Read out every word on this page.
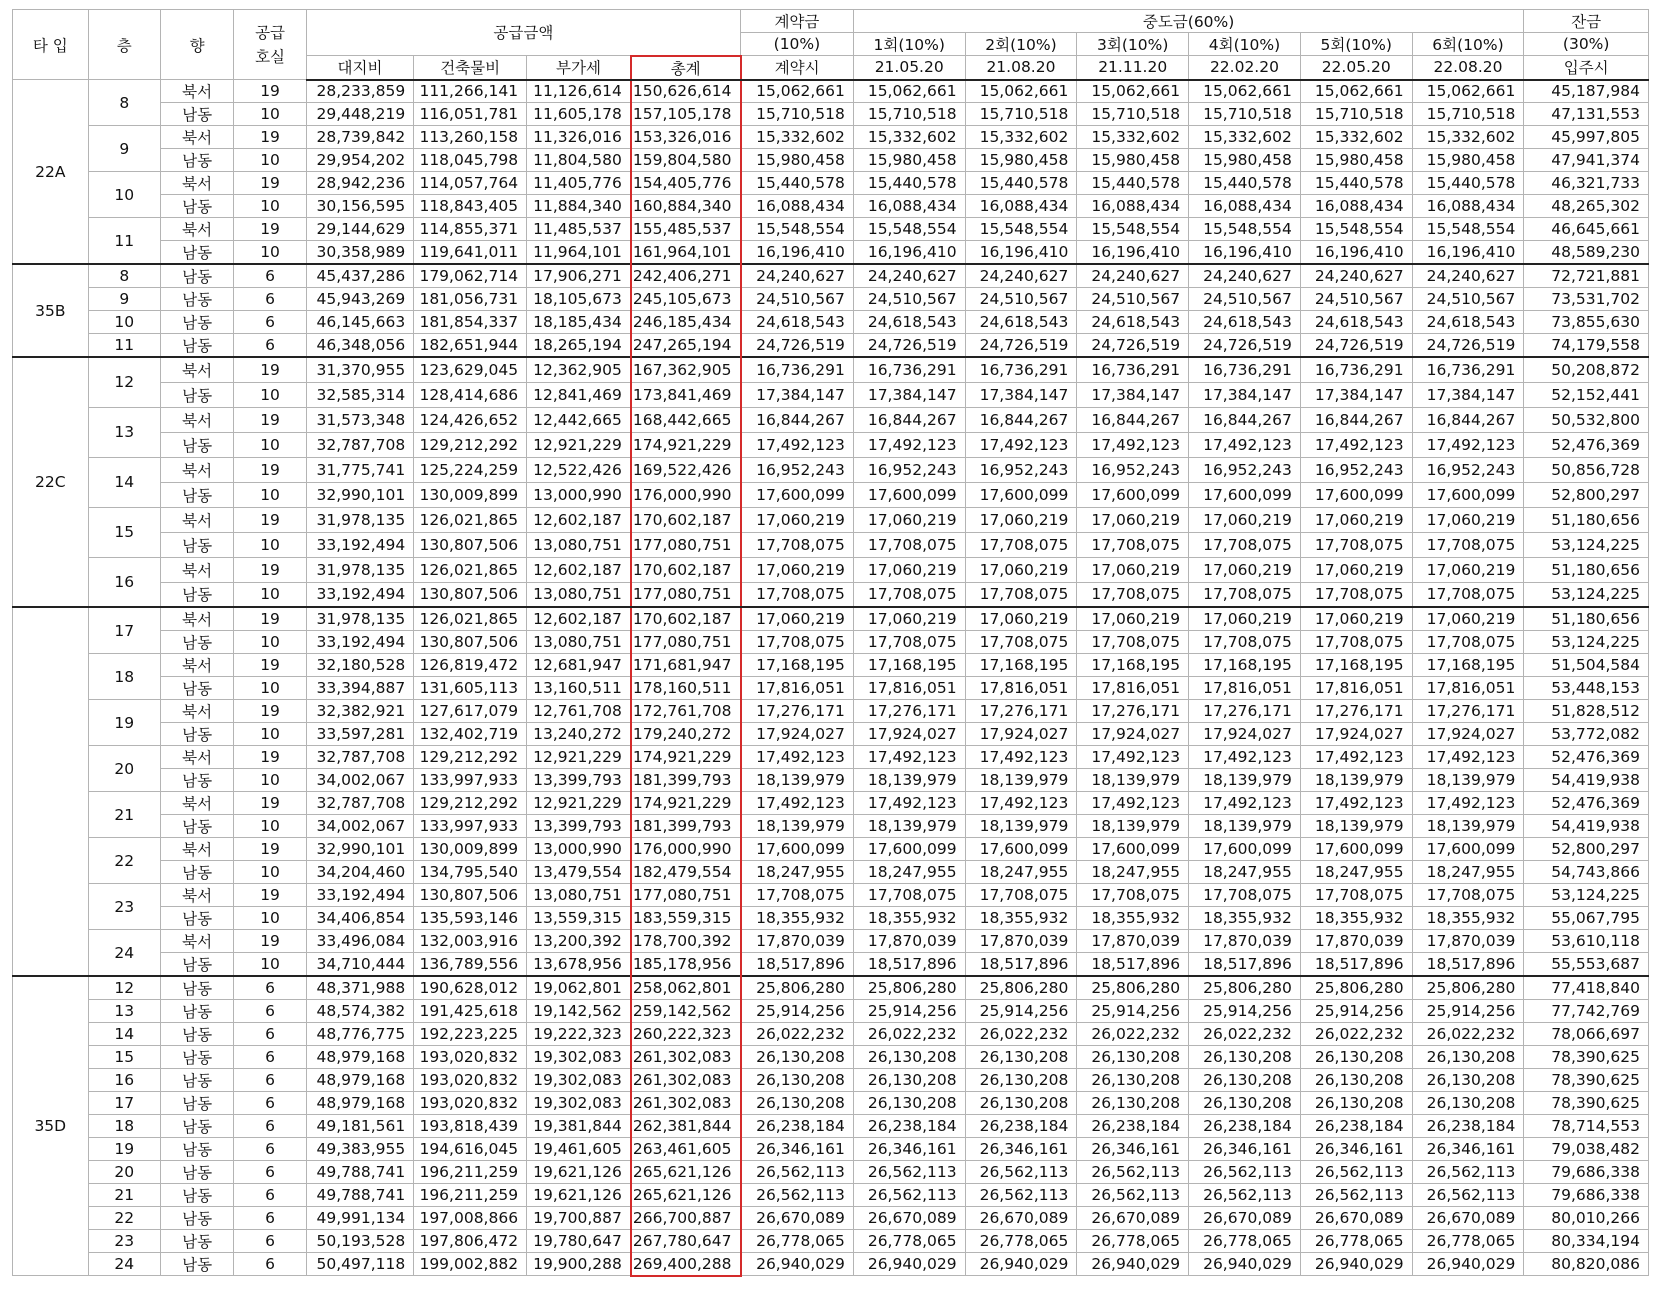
타 입	층	향	공급
호실	공급금액				계약금	중도금(60%)						잔금
								(10%)	1회(10%)	2회(10%)	3회(10%)	4회(10%)	5회(10%)	6회(10%)	(30%)
				대지비	건축물비	부가세	총계	계약시	21.05.20	21.08.20	21.11.20	22.02.20	22.05.20	22.08.20	입주시
22A	8	북서	19	28,233,859	111,266,141	11,126,614	150,626,614	15,062,661	15,062,661	15,062,661	15,062,661	15,062,661	15,062,661	15,062,661	45,187,984
		남동	10	29,448,219	116,051,781	11,605,178	157,105,178	15,710,518	15,710,518	15,710,518	15,710,518	15,710,518	15,710,518	15,710,518	47,131,553
	9	북서	19	28,739,842	113,260,158	11,326,016	153,326,016	15,332,602	15,332,602	15,332,602	15,332,602	15,332,602	15,332,602	15,332,602	45,997,805
		남동	10	29,954,202	118,045,798	11,804,580	159,804,580	15,980,458	15,980,458	15,980,458	15,980,458	15,980,458	15,980,458	15,980,458	47,941,374
	10	북서	19	28,942,236	114,057,764	11,405,776	154,405,776	15,440,578	15,440,578	15,440,578	15,440,578	15,440,578	15,440,578	15,440,578	46,321,733
		남동	10	30,156,595	118,843,405	11,884,340	160,884,340	16,088,434	16,088,434	16,088,434	16,088,434	16,088,434	16,088,434	16,088,434	48,265,302
	11	북서	19	29,144,629	114,855,371	11,485,537	155,485,537	15,548,554	15,548,554	15,548,554	15,548,554	15,548,554	15,548,554	15,548,554	46,645,661
		남동	10	30,358,989	119,641,011	11,964,101	161,964,101	16,196,410	16,196,410	16,196,410	16,196,410	16,196,410	16,196,410	16,196,410	48,589,230
35B	8	남동	6	45,437,286	179,062,714	17,906,271	242,406,271	24,240,627	24,240,627	24,240,627	24,240,627	24,240,627	24,240,627	24,240,627	72,721,881
	9	남동	6	45,943,269	181,056,731	18,105,673	245,105,673	24,510,567	24,510,567	24,510,567	24,510,567	24,510,567	24,510,567	24,510,567	73,531,702
	10	남동	6	46,145,663	181,854,337	18,185,434	246,185,434	24,618,543	24,618,543	24,618,543	24,618,543	24,618,543	24,618,543	24,618,543	73,855,630
	11	남동	6	46,348,056	182,651,944	18,265,194	247,265,194	24,726,519	24,726,519	24,726,519	24,726,519	24,726,519	24,726,519	24,726,519	74,179,558
22C	12	북서	19	31,370,955	123,629,045	12,362,905	167,362,905	16,736,291	16,736,291	16,736,291	16,736,291	16,736,291	16,736,291	16,736,291	50,208,872
		남동	10	32,585,314	128,414,686	12,841,469	173,841,469	17,384,147	17,384,147	17,384,147	17,384,147	17,384,147	17,384,147	17,384,147	52,152,441
	13	북서	19	31,573,348	124,426,652	12,442,665	168,442,665	16,844,267	16,844,267	16,844,267	16,844,267	16,844,267	16,844,267	16,844,267	50,532,800
		남동	10	32,787,708	129,212,292	12,921,229	174,921,229	17,492,123	17,492,123	17,492,123	17,492,123	17,492,123	17,492,123	17,492,123	52,476,369
	14	북서	19	31,775,741	125,224,259	12,522,426	169,522,426	16,952,243	16,952,243	16,952,243	16,952,243	16,952,243	16,952,243	16,952,243	50,856,728
		남동	10	32,990,101	130,009,899	13,000,990	176,000,990	17,600,099	17,600,099	17,600,099	17,600,099	17,600,099	17,600,099	17,600,099	52,800,297
	15	북서	19	31,978,135	126,021,865	12,602,187	170,602,187	17,060,219	17,060,219	17,060,219	17,060,219	17,060,219	17,060,219	17,060,219	51,180,656
		남동	10	33,192,494	130,807,506	13,080,751	177,080,751	17,708,075	17,708,075	17,708,075	17,708,075	17,708,075	17,708,075	17,708,075	53,124,225
	16	북서	19	31,978,135	126,021,865	12,602,187	170,602,187	17,060,219	17,060,219	17,060,219	17,060,219	17,060,219	17,060,219	17,060,219	51,180,656
		남동	10	33,192,494	130,807,506	13,080,751	177,080,751	17,708,075	17,708,075	17,708,075	17,708,075	17,708,075	17,708,075	17,708,075	53,124,225
	17	북서	19	31,978,135	126,021,865	12,602,187	170,602,187	17,060,219	17,060,219	17,060,219	17,060,219	17,060,219	17,060,219	17,060,219	51,180,656
		남동	10	33,192,494	130,807,506	13,080,751	177,080,751	17,708,075	17,708,075	17,708,075	17,708,075	17,708,075	17,708,075	17,708,075	53,124,225
	18	북서	19	32,180,528	126,819,472	12,681,947	171,681,947	17,168,195	17,168,195	17,168,195	17,168,195	17,168,195	17,168,195	17,168,195	51,504,584
		남동	10	33,394,887	131,605,113	13,160,511	178,160,511	17,816,051	17,816,051	17,816,051	17,816,051	17,816,051	17,816,051	17,816,051	53,448,153
	19	북서	19	32,382,921	127,617,079	12,761,708	172,761,708	17,276,171	17,276,171	17,276,171	17,276,171	17,276,171	17,276,171	17,276,171	51,828,512
		남동	10	33,597,281	132,402,719	13,240,272	179,240,272	17,924,027	17,924,027	17,924,027	17,924,027	17,924,027	17,924,027	17,924,027	53,772,082
	20	북서	19	32,787,708	129,212,292	12,921,229	174,921,229	17,492,123	17,492,123	17,492,123	17,492,123	17,492,123	17,492,123	17,492,123	52,476,369
		남동	10	34,002,067	133,997,933	13,399,793	181,399,793	18,139,979	18,139,979	18,139,979	18,139,979	18,139,979	18,139,979	18,139,979	54,419,938
	21	북서	19	32,787,708	129,212,292	12,921,229	174,921,229	17,492,123	17,492,123	17,492,123	17,492,123	17,492,123	17,492,123	17,492,123	52,476,369
		남동	10	34,002,067	133,997,933	13,399,793	181,399,793	18,139,979	18,139,979	18,139,979	18,139,979	18,139,979	18,139,979	18,139,979	54,419,938
	22	북서	19	32,990,101	130,009,899	13,000,990	176,000,990	17,600,099	17,600,099	17,600,099	17,600,099	17,600,099	17,600,099	17,600,099	52,800,297
		남동	10	34,204,460	134,795,540	13,479,554	182,479,554	18,247,955	18,247,955	18,247,955	18,247,955	18,247,955	18,247,955	18,247,955	54,743,866
	23	북서	19	33,192,494	130,807,506	13,080,751	177,080,751	17,708,075	17,708,075	17,708,075	17,708,075	17,708,075	17,708,075	17,708,075	53,124,225
		남동	10	34,406,854	135,593,146	13,559,315	183,559,315	18,355,932	18,355,932	18,355,932	18,355,932	18,355,932	18,355,932	18,355,932	55,067,795
	24	북서	19	33,496,084	132,003,916	13,200,392	178,700,392	17,870,039	17,870,039	17,870,039	17,870,039	17,870,039	17,870,039	17,870,039	53,610,118
		남동	10	34,710,444	136,789,556	13,678,956	185,178,956	18,517,896	18,517,896	18,517,896	18,517,896	18,517,896	18,517,896	18,517,896	55,553,687
35D	12	남동	6	48,371,988	190,628,012	19,062,801	258,062,801	25,806,280	25,806,280	25,806,280	25,806,280	25,806,280	25,806,280	25,806,280	77,418,840
	13	남동	6	48,574,382	191,425,618	19,142,562	259,142,562	25,914,256	25,914,256	25,914,256	25,914,256	25,914,256	25,914,256	25,914,256	77,742,769
	14	남동	6	48,776,775	192,223,225	19,222,323	260,222,323	26,022,232	26,022,232	26,022,232	26,022,232	26,022,232	26,022,232	26,022,232	78,066,697
	15	남동	6	48,979,168	193,020,832	19,302,083	261,302,083	26,130,208	26,130,208	26,130,208	26,130,208	26,130,208	26,130,208	26,130,208	78,390,625
	16	남동	6	48,979,168	193,020,832	19,302,083	261,302,083	26,130,208	26,130,208	26,130,208	26,130,208	26,130,208	26,130,208	26,130,208	78,390,625
	17	남동	6	48,979,168	193,020,832	19,302,083	261,302,083	26,130,208	26,130,208	26,130,208	26,130,208	26,130,208	26,130,208	26,130,208	78,390,625
	18	남동	6	49,181,561	193,818,439	19,381,844	262,381,844	26,238,184	26,238,184	26,238,184	26,238,184	26,238,184	26,238,184	26,238,184	78,714,553
	19	남동	6	49,383,955	194,616,045	19,461,605	263,461,605	26,346,161	26,346,161	26,346,161	26,346,161	26,346,161	26,346,161	26,346,161	79,038,482
	20	남동	6	49,788,741	196,211,259	19,621,126	265,621,126	26,562,113	26,562,113	26,562,113	26,562,113	26,562,113	26,562,113	26,562,113	79,686,338
	21	남동	6	49,788,741	196,211,259	19,621,126	265,621,126	26,562,113	26,562,113	26,562,113	26,562,113	26,562,113	26,562,113	26,562,113	79,686,338
	22	남동	6	49,991,134	197,008,866	19,700,887	266,700,887	26,670,089	26,670,089	26,670,089	26,670,089	26,670,089	26,670,089	26,670,089	80,010,266
	23	남동	6	50,193,528	197,806,472	19,780,647	267,780,647	26,778,065	26,778,065	26,778,065	26,778,065	26,778,065	26,778,065	26,778,065	80,334,194
	24	남동	6	50,497,118	199,002,882	19,900,288	269,400,288	26,940,029	26,940,029	26,940,029	26,940,029	26,940,029	26,940,029	26,940,029	80,820,086
